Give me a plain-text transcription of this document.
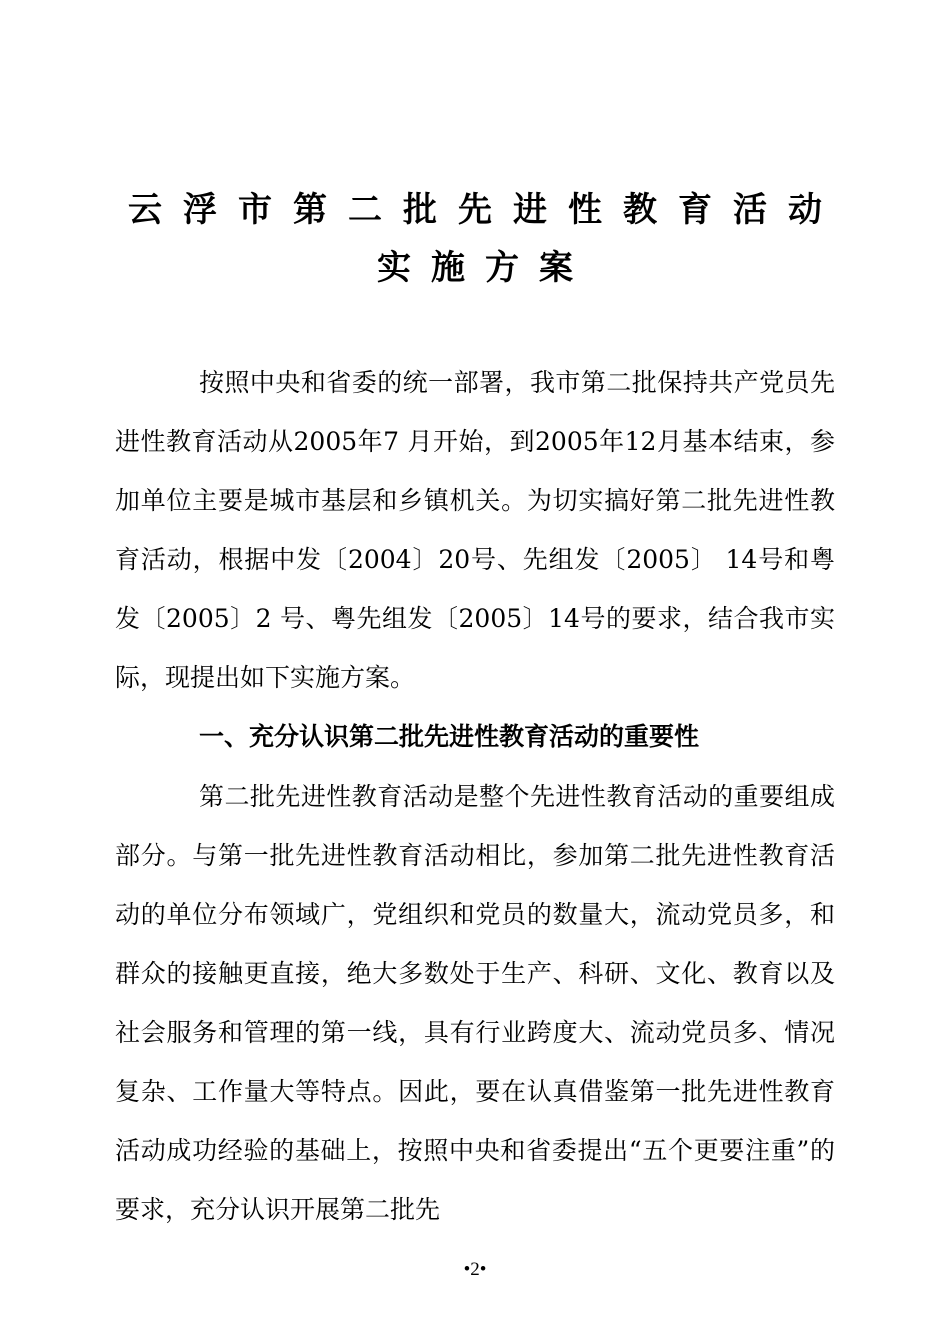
云浮市第二批先进性教育活动
实施方案

按照中央和省委的统一部署，我市第二批保持共产党员先进性教育活动从2005年7 月开始，到2005年12月基本结束，参加单位主要是城市基层和乡镇机关。为切实搞好第二批先进性教育活动，根据中发〔2004〕20号、先组发〔2005〕 14号和粤发〔2005〕2 号、粤先组发〔2005〕14号的要求，结合我市实际，现提出如下实施方案。

一、充分认识第二批先进性教育活动的重要性

第二批先进性教育活动是整个先进性教育活动的重要组成部分。与第一批先进性教育活动相比，参加第二批先进性教育活动的单位分布领域广，党组织和党员的数量大，流动党员多，和群众的接触更直接，绝大多数处于生产、科研、文化、教育以及社会服务和管理的第一线，具有行业跨度大、流动党员多、情况复杂、工作量大等特点。因此，要在认真借鉴第一批先进性教育活动成功经验的基础上，按照中央和省委提出“五个更要注重”的要求，充分认识开展第二批先

•2•
